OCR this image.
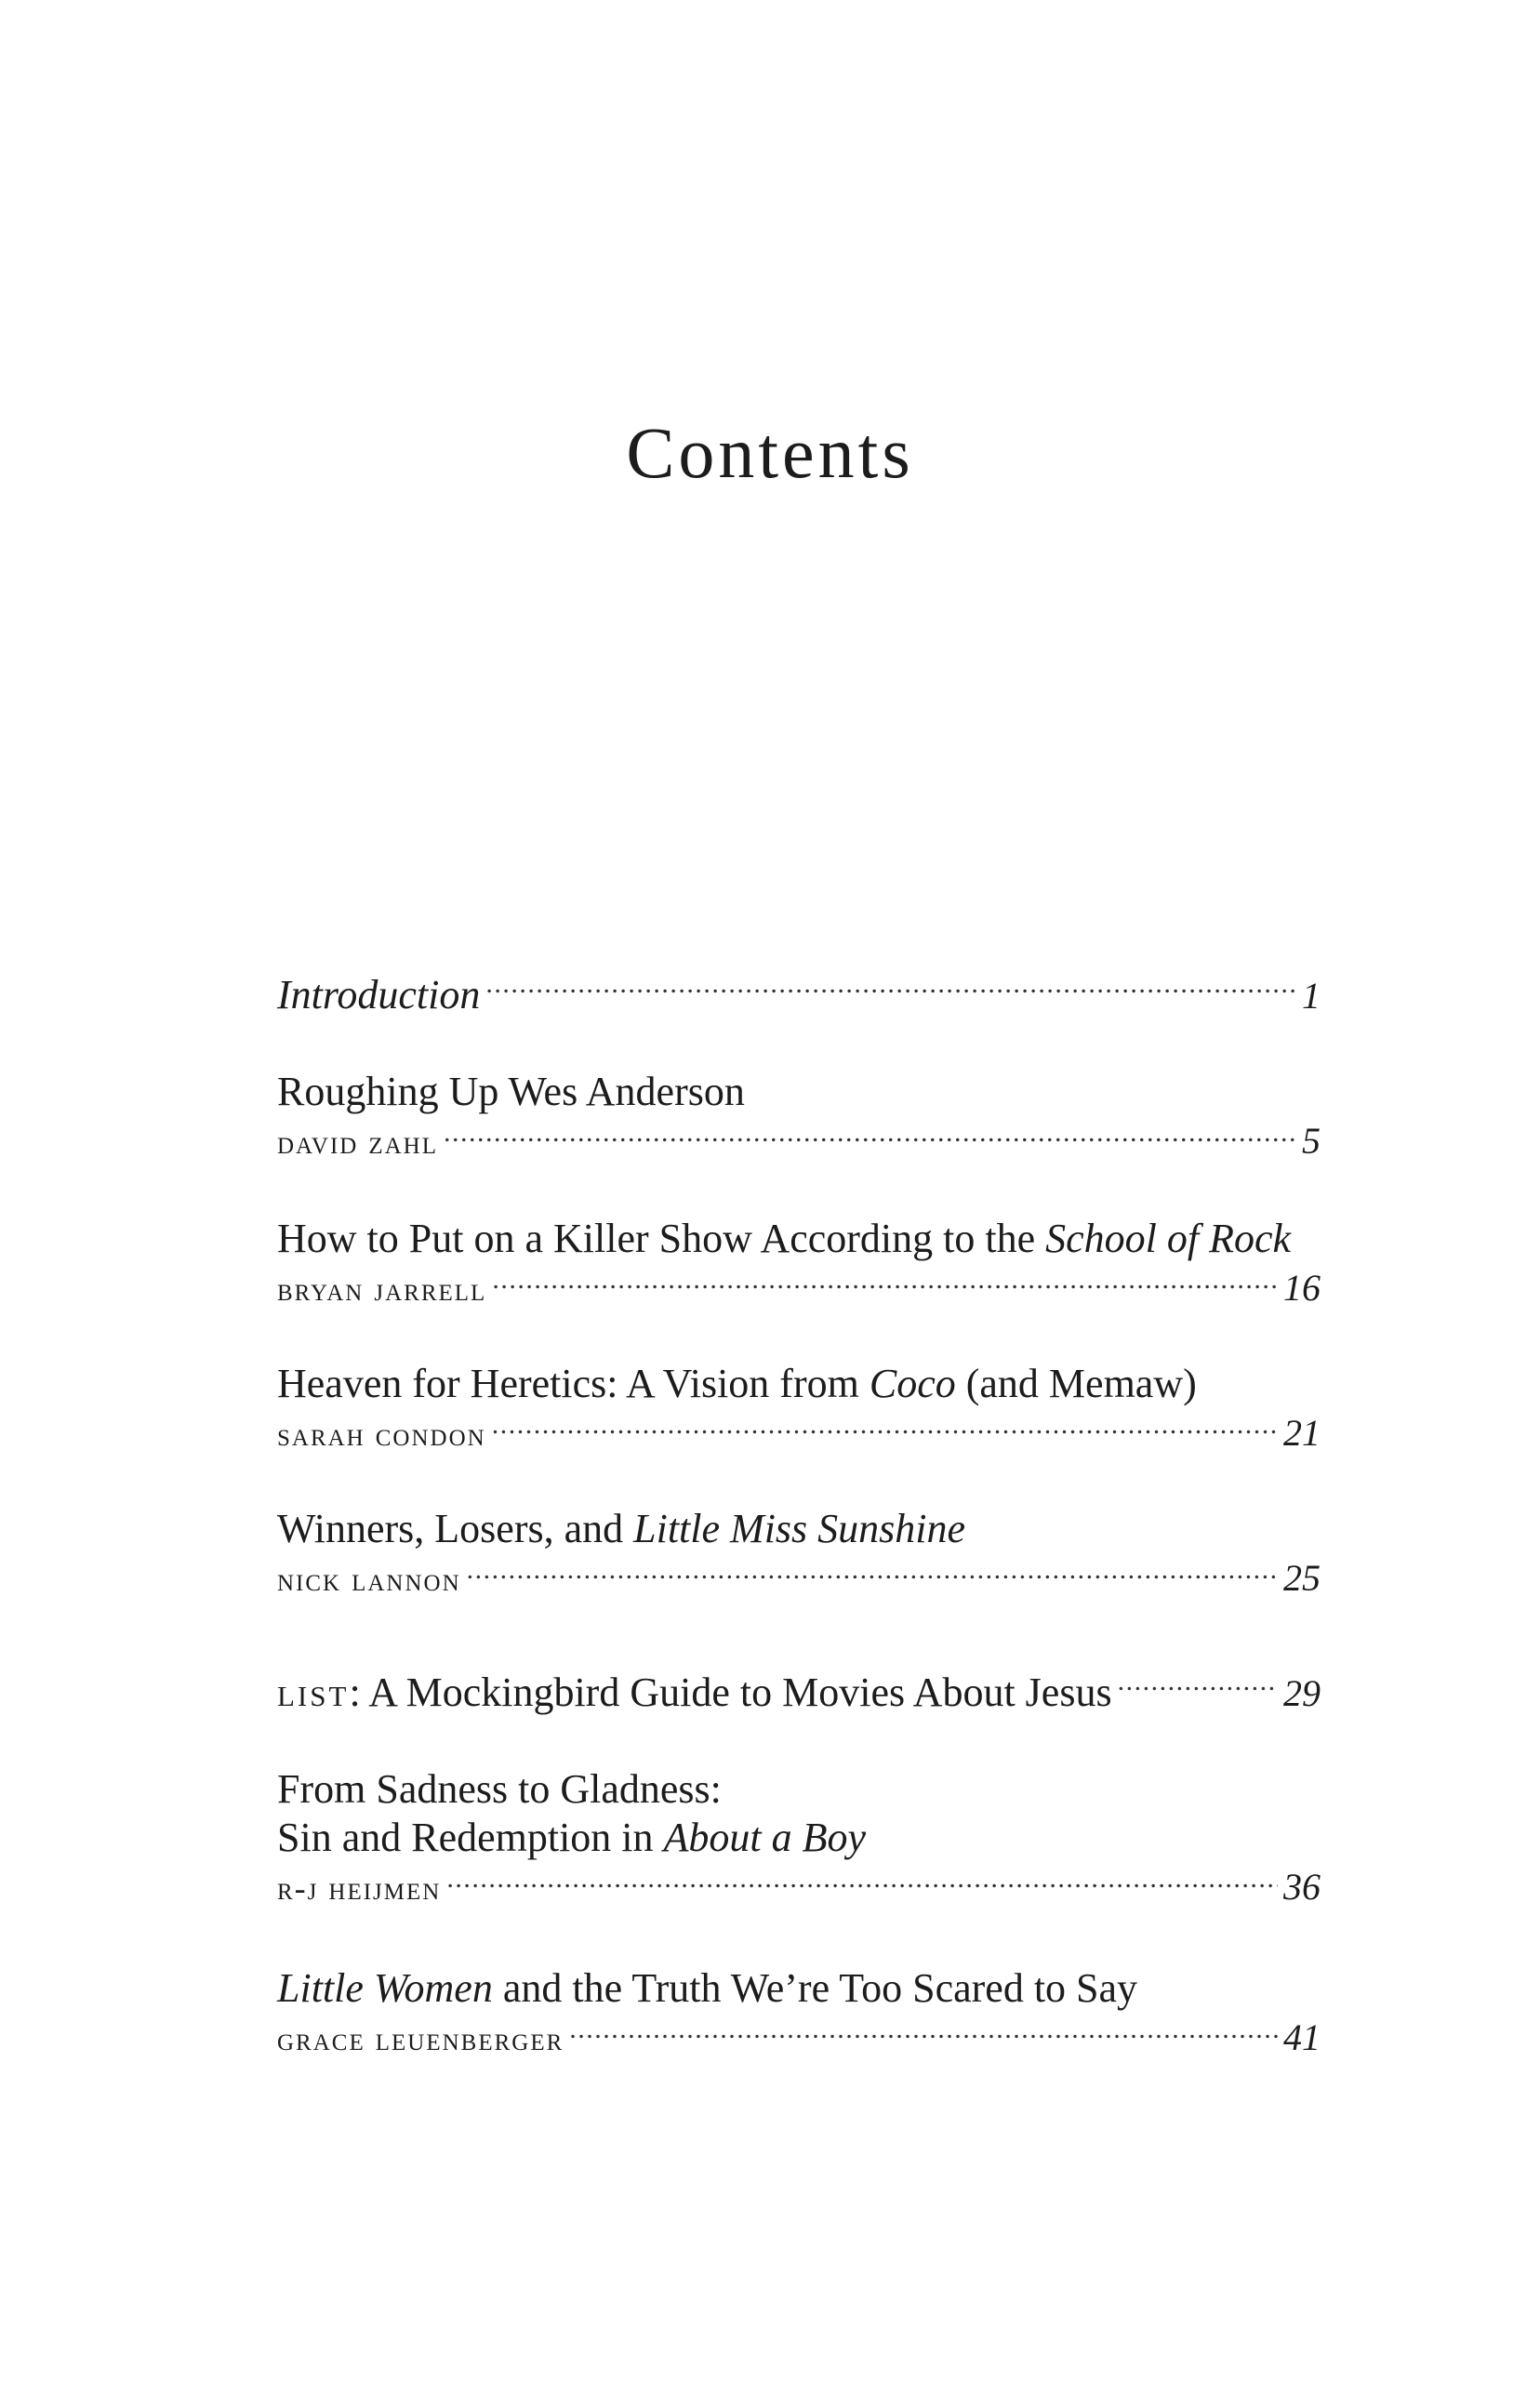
Contents
Introduction . . .	1
Roughing Up Wes Anderson
david zahl . . .	5
How to Put on a Killer Show According to the School of Rock
bryan jarrell . . .	16
Heaven for Heretics: A Vision from Coco (and Memaw)
sarah condon . . .	21
Winners, Losers, and Little Miss Sunshine
nick lannon . . .	25
list: A Mockingbird Guide to Movies About Jesus . . .	29
From Sadness to Gladness:
Sin and Redemption in About a Boy
r-j heijmen . . .	36
Little Women and the Truth We’re Too Scared to Say
grace leuenberger . . .	41
